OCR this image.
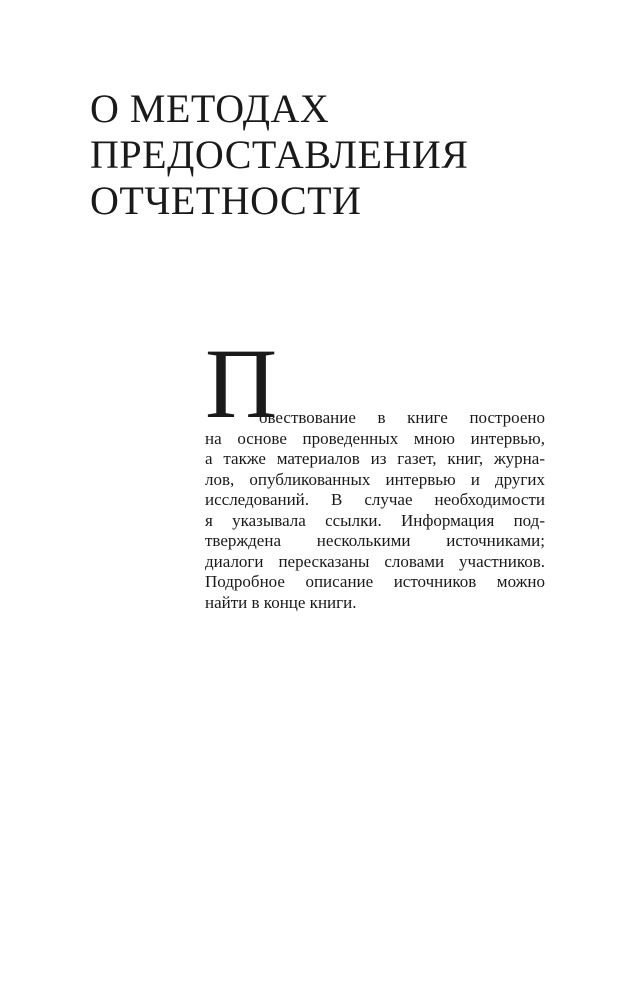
О МЕТОДАХ
ПРЕДОСТАВЛЕНИЯ
ОТЧЕТНОСТИ
П
овествование в книге построено
на основе проведенных мною интервью,
а также материалов из газет, книг, журна-
лов, опубликованных интервью и других
исследований. В случае необходимости
я указывала ссылки. Информация под-
тверждена несколькими источниками;
диалоги пересказаны словами участников.
Подробное описание источников можно
найти в конце книги.
